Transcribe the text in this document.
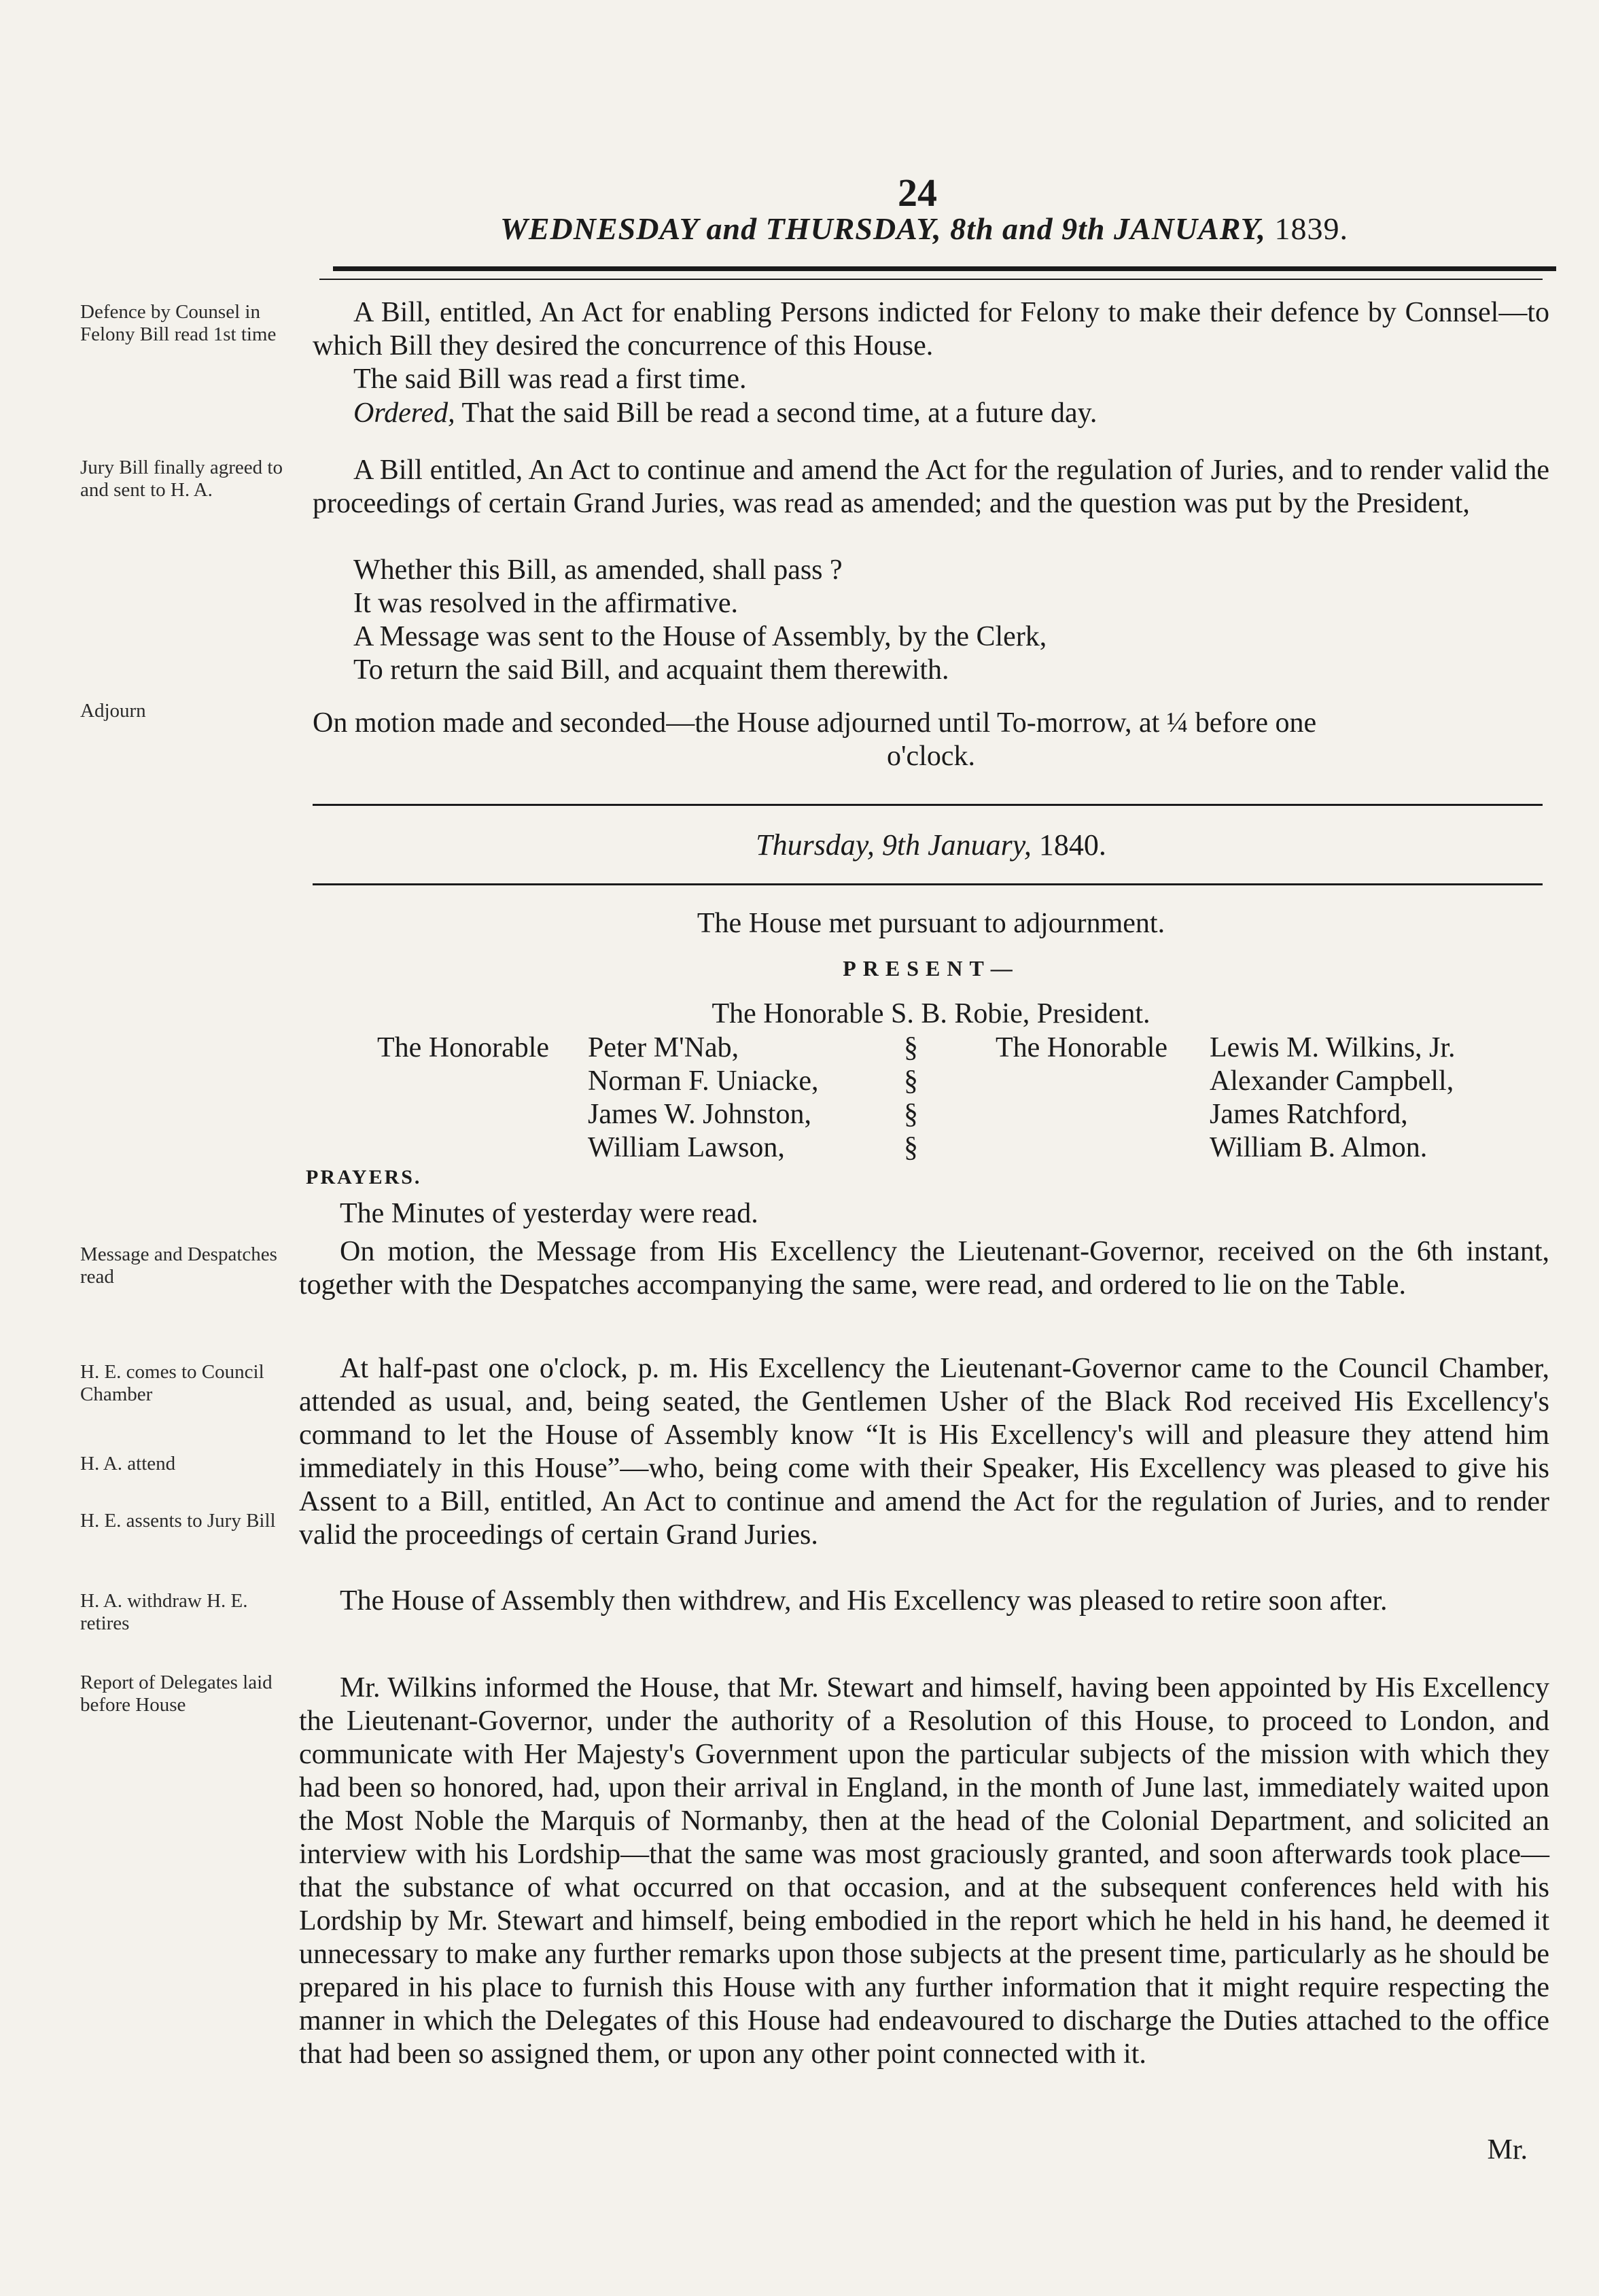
24
WEDNESDAY and THURSDAY, 8th and 9th JANUARY, 1839.
Defence by Counsel in Felony Bill read 1st time
Jury Bill finally agreed to and sent to H. A.
Adjourn
Message and Despatches read
H. E. comes to Council Chamber
H. A. attend
H. E. assents to Jury Bill
H. A. withdraw H. E. retires
Report of Delegates laid before House
A Bill, entitled, An Act for enabling Persons indicted for Felony to make their defence by Connsel—to which Bill they desired the concurrence of this House.
The said Bill was read a first time.
Ordered, That the said Bill be read a second time, at a future day.
A Bill entitled, An Act to continue and amend the Act for the regulation of Juries, and to render valid the proceedings of certain Grand Juries, was read as amended; and the question was put by the President,
Whether this Bill, as amended, shall pass ?
It was resolved in the affirmative.
A Message was sent to the House of Assembly, by the Clerk,
To return the said Bill, and acquaint them therewith.
On motion made and seconded—the House adjourned until To-morrow, at ¼ before one
o'clock.
Thursday, 9th January, 1840.
The House met pursuant to adjournment.
PRESENT—
The Honorable S. B. Robie, President.
The Honorable Peter M'Nab,
Norman F. Uniacke,
James W. Johnston,
William Lawson,
§
§
§
§
The Honorable Lewis M. Wilkins, Jr.
Alexander Campbell,
James Ratchford,
William B. Almon.
PRAYERS.
The Minutes of yesterday were read.
On motion, the Message from His Excellency the Lieutenant-Governor, received on the 6th instant, together with the Despatches accompanying the same, were read, and ordered to lie on the Table.
At half-past one o'clock, p. m. His Excellency the Lieutenant-Governor came to the Council Chamber, attended as usual, and, being seated, the Gentlemen Usher of the Black Rod received His Excellency's command to let the House of Assembly know “It is His Excellency's will and pleasure they attend him immediately in this House”—who, being come with their Speaker, His Excellency was pleased to give his Assent to a Bill, entitled, An Act to continue and amend the Act for the regulation of Juries, and to render valid the proceedings of certain Grand Juries.
The House of Assembly then withdrew, and His Excellency was pleased to retire soon after.
Mr. Wilkins informed the House, that Mr. Stewart and himself, having been appointed by His Excellency the Lieutenant-Governor, under the authority of a Resolution of this House, to proceed to London, and communicate with Her Majesty's Government upon the particular subjects of the mission with which they had been so honored, had, upon their arrival in England, in the month of June last, immediately waited upon the Most Noble the Marquis of Normanby, then at the head of the Colonial Department, and solicited an interview with his Lordship—that the same was most graciously granted, and soon afterwards took place—that the substance of what occurred on that occasion, and at the subsequent conferences held with his Lordship by Mr. Stewart and himself, being embodied in the report which he held in his hand, he deemed it unnecessary to make any further remarks upon those subjects at the present time, particularly as he should be prepared in his place to furnish this House with any further information that it might require respecting the manner in which the Delegates of this House had endeavoured to discharge the Duties attached to the office that had been so assigned them, or upon any other point connected with it.
Mr.
